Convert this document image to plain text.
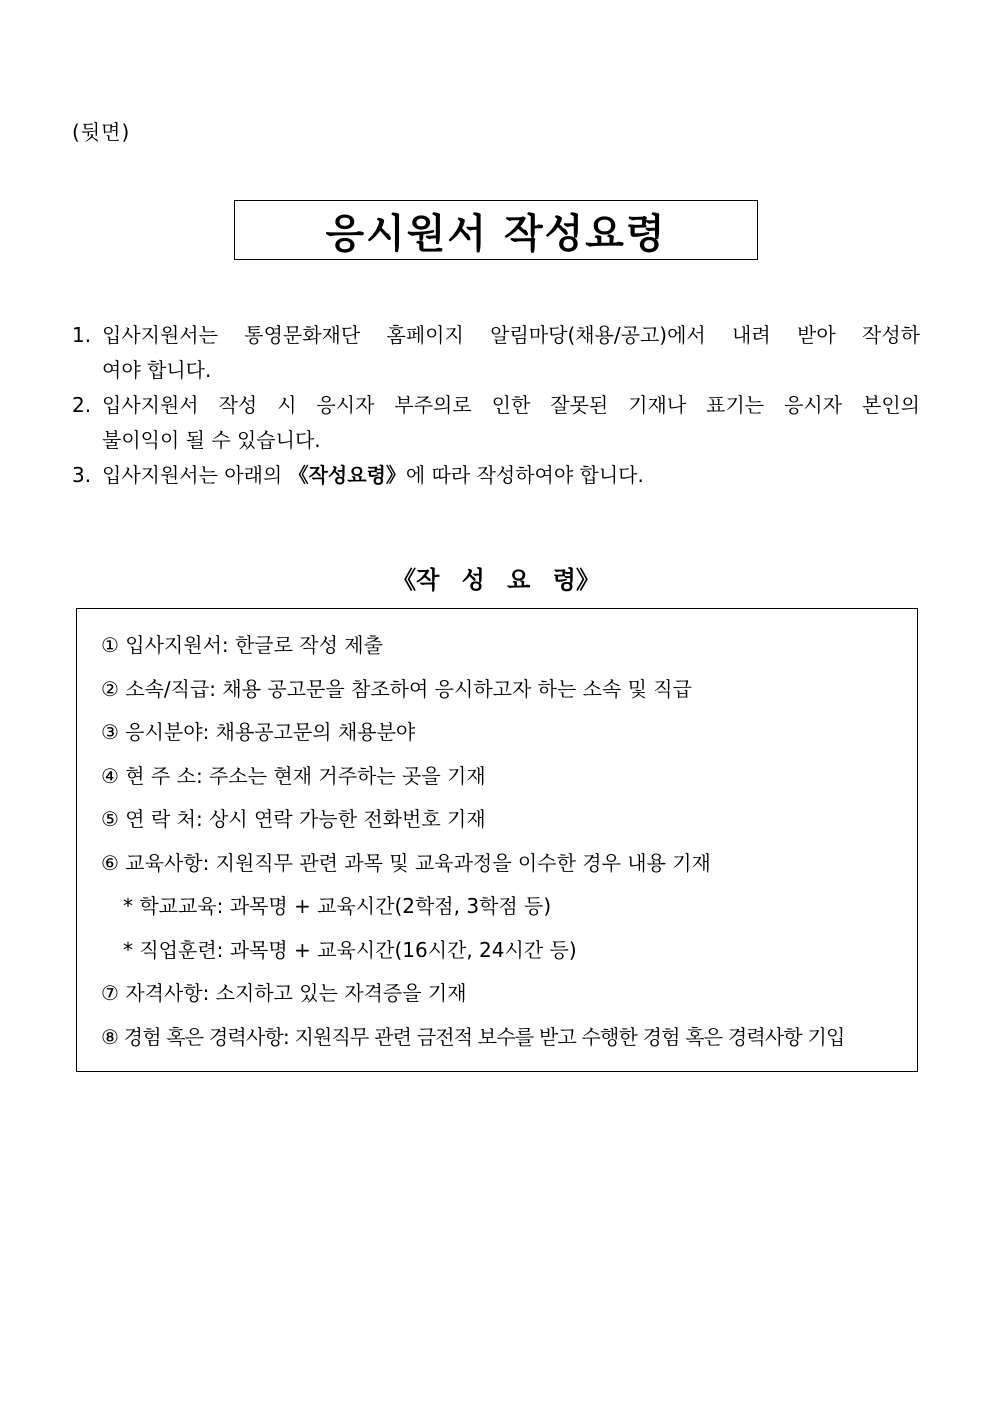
(뒷면)
응시원서 작성요령
1. 입사지원서는 통영문화재단 홈페이지 알림마당(채용/공고)에서 내려 받아 작성하
여야 합니다.
2. 입사지원서 작성 시 응시자 부주의로 인한 잘못된 기재나 표기는 응시자 본인의
불이익이 될 수 있습니다.
3. 입사지원서는 아래의 《작성요령》에 따라 작성하여야 합니다.
《작 성 요 령》
① 입사지원서: 한글로 작성 제출
② 소속/직급: 채용 공고문을 참조하여 응시하고자 하는 소속 및 직급
③ 응시분야: 채용공고문의 채용분야
④ 현 주 소: 주소는 현재 거주하는 곳을 기재
⑤ 연 락 처: 상시 연락 가능한 전화번호 기재
⑥ 교육사항: 지원직무 관련 과목 및 교육과정을 이수한 경우 내용 기재
* 학교교육: 과목명 + 교육시간(2학점, 3학점 등)
* 직업훈련: 과목명 + 교육시간(16시간, 24시간 등)
⑦ 자격사항: 소지하고 있는 자격증을 기재
⑧ 경험 혹은 경력사항: 지원직무 관련 금전적 보수를 받고 수행한 경험 혹은 경력사항 기입
